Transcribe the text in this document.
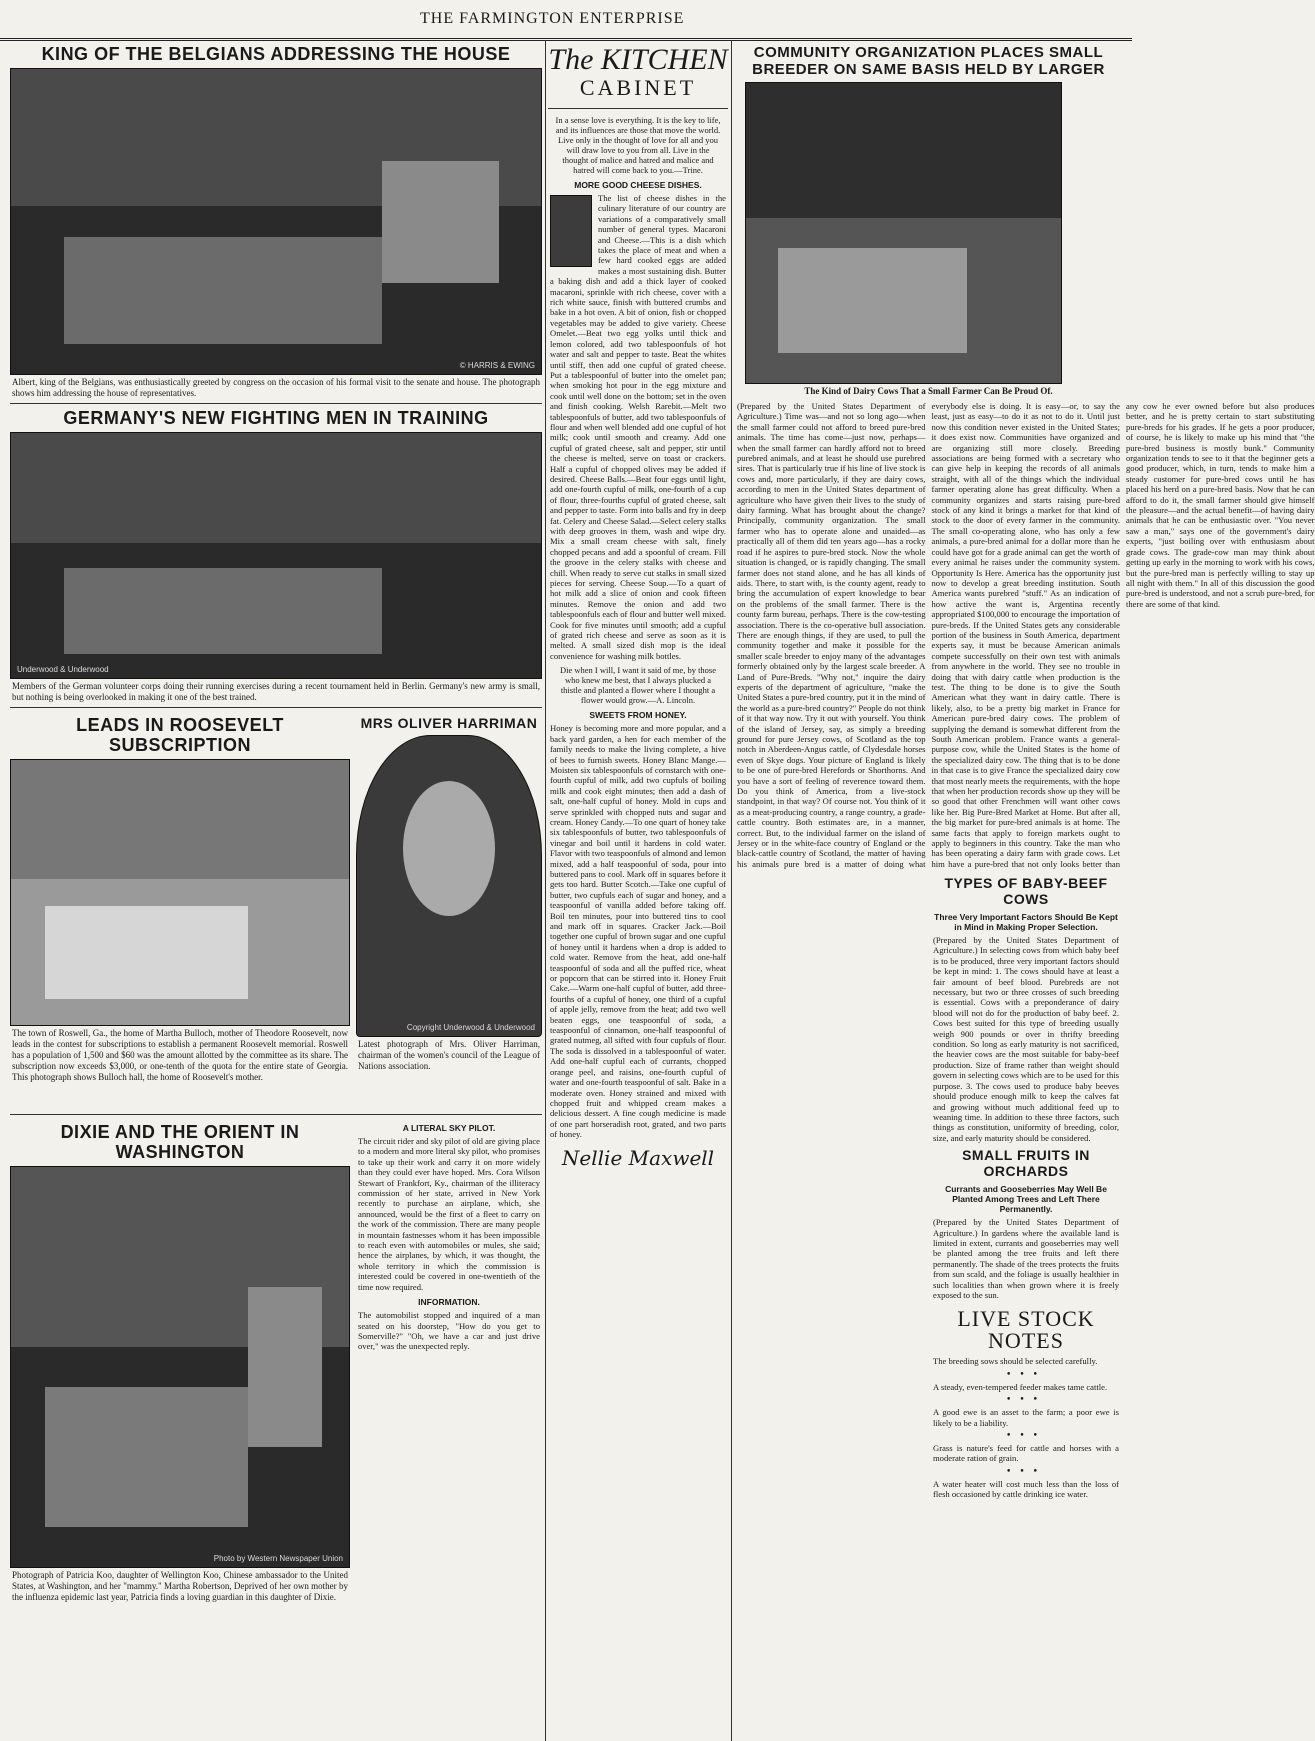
THE FARMINGTON ENTERPRISE
KING OF THE BELGIANS ADDRESSING THE HOUSE
© HARRIS & EWING
Albert, king of the Belgians, was enthusiastically greeted by congress on the occasion of his formal visit to the senate and house. The photograph shows him addressing the house of representatives.
GERMANY'S NEW FIGHTING MEN IN TRAINING
Underwood & Underwood
Members of the German volunteer corps doing their running exercises during a recent tournament held in Berlin. Germany's new army is small, but nothing is being overlooked in making it one of the best trained.
LEADS IN ROOSEVELT SUBSCRIPTION
The town of Roswell, Ga., the home of Martha Bulloch, mother of Theodore Roosevelt, now leads in the contest for subscriptions to establish a permanent Roosevelt memorial. Roswell has a population of 1,500 and $60 was the amount allotted by the committee as its share. The subscription now exceeds $3,000, or one-tenth of the quota for the entire state of Georgia. This photograph shows Bulloch hall, the home of Roosevelt's mother.
MRS OLIVER HARRIMAN
Copyright Underwood & Underwood
Latest photograph of Mrs. Oliver Harriman, chairman of the women's council of the League of Nations association.
DIXIE AND THE ORIENT IN WASHINGTON
Photo by Western Newspaper Union
Photograph of Patricia Koo, daughter of Wellington Koo, Chinese ambassador to the United States, at Washington, and her "mammy." Martha Robertson, Deprived of her own mother by the influenza epidemic last year, Patricia finds a loving guardian in this daughter of Dixie.
A LITERAL SKY PILOT.
The circuit rider and sky pilot of old are giving place to a modern and more literal sky pilot, who promises to take up their work and carry it on more widely than they could ever have hoped. Mrs. Cora Wilson Stewart of Frankfort, Ky., chairman of the illiteracy commission of her state, arrived in New York recently to purchase an airplane, which, she announced, would be the first of a fleet to carry on the work of the commission. There are many people in mountain fastnesses whom it has been impossible to reach even with automobiles or mules, she said; hence the airplanes, by which, it was thought, the whole territory in which the commission is interested could be covered in one-twentieth of the time now required.
INFORMATION.
The automobilist stopped and inquired of a man seated on his doorstep, "How do you get to Somerville?" "Oh, we have a car and just drive over," was the unexpected reply.
The KITCHEN
CABINET
In a sense love is everything. It is the key to life, and its influences are those that move the world. Live only in the thought of love for all and you will draw love to you from all. Live in the thought of malice and hatred and malice and hatred will come back to you.—Trine.
MORE GOOD CHEESE DISHES.
The list of cheese dishes in the culinary literature of our country are variations of a comparatively small number of general types. Macaroni and Cheese.—This is a dish which takes the place of meat and when a few hard cooked eggs are added makes a most sustaining dish. Butter a baking dish and add a thick layer of cooked macaroni, sprinkle with rich cheese, cover with a rich white sauce, finish with buttered crumbs and bake in a hot oven. A bit of onion, fish or chopped vegetables may be added to give variety. Cheese Omelet.—Beat two egg yolks until thick and lemon colored, add two tablespoonfuls of hot water and salt and pepper to taste. Beat the whites until stiff, then add one cupful of grated cheese. Put a tablespoonful of butter into the omelet pan; when smoking hot pour in the egg mixture and cook until well done on the bottom; set in the oven and finish cooking. Welsh Rarebit.—Melt two tablespoonfuls of butter, add two tablespoonfuls of flour and when well blended add one cupful of hot milk; cook until smooth and creamy. Add one cupful of grated cheese, salt and pepper, stir until the cheese is melted, serve on toast or crackers. Half a cupful of chopped olives may be added if desired. Cheese Balls.—Beat four eggs until light, add one-fourth cupful of milk, one-fourth of a cup of flour, three-fourths cupful of grated cheese, salt and pepper to taste. Form into balls and fry in deep fat. Celery and Cheese Salad.—Select celery stalks with deep grooves in them, wash and wipe dry. Mix a small cream cheese with salt, finely chopped pecans and add a spoonful of cream. Fill the groove in the celery stalks with cheese and chill. When ready to serve cut stalks in small sized pieces for serving. Cheese Soup.—To a quart of hot milk add a slice of onion and cook fifteen minutes. Remove the onion and add two tablespoonfuls each of flour and butter well mixed. Cook for five minutes until smooth; add a cupful of grated rich cheese and serve as soon as it is melted. A small sized dish mop is the ideal convenience for washing milk bottles.
Die when I will, I want it said of me, by those who knew me best, that I always plucked a thistle and planted a flower where I thought a flower would grow.—A. Lincoln.
SWEETS FROM HONEY.
Honey is becoming more and more popular, and a back yard garden, a hen for each member of the family needs to make the living complete, a hive of bees to furnish sweets. Honey Blanc Mange.—Moisten six tablespoonfuls of cornstarch with one-fourth cupful of milk, add two cupfuls of boiling milk and cook eight minutes; then add a dash of salt, one-half cupful of honey. Mold in cups and serve sprinkled with chopped nuts and sugar and cream. Honey Candy.—To one quart of honey take six tablespoonfuls of butter, two tablespoonfuls of vinegar and boil until it hardens in cold water. Flavor with two teaspoonfuls of almond and lemon mixed, add a half teaspoonful of soda, pour into buttered pans to cool. Mark off in squares before it gets too hard. Butter Scotch.—Take one cupful of butter, two cupfuls each of sugar and honey, and a teaspoonful of vanilla added before taking off. Boil ten minutes, pour into buttered tins to cool and mark off in squares. Cracker Jack.—Boil together one cupful of brown sugar and one cupful of honey until it hardens when a drop is added to cold water. Remove from the heat, add one-half teaspoonful of soda and all the puffed rice, wheat or popcorn that can be stirred into it. Honey Fruit Cake.—Warm one-half cupful of butter, add three-fourths of a cupful of honey, one third of a cupful of apple jelly, remove from the heat; add two well beaten eggs, one teaspoonful of soda, a teaspoonful of cinnamon, one-half teaspoonful of grated nutmeg, all sifted with four cupfuls of flour. The soda is dissolved in a tablespoonful of water. Add one-half cupful each of currants, chopped orange peel, and raisins, one-fourth cupful of water and one-fourth teaspoonful of salt. Bake in a moderate oven. Honey strained and mixed with chopped fruit and whipped cream makes a delicious dessert. A fine cough medicine is made of one part horseradish root, grated, and two parts of honey.
Nellie Maxwell
COMMUNITY ORGANIZATION PLACES SMALL BREEDER ON SAME BASIS HELD BY LARGER
The Kind of Dairy Cows That a Small Farmer Can Be Proud Of.
(Prepared by the United States Department of Agriculture.) Time was—and not so long ago—when the small farmer could not afford to breed pure-bred animals. The time has come—just now, perhaps—when the small farmer can hardly afford not to breed purebred animals, and at least he should use purebred sires. That is particularly true if his line of live stock is cows and, more particularly, if they are dairy cows, according to men in the United States department of agriculture who have given their lives to the study of dairy farming. What has brought about the change? Principally, community organization. The small farmer who has to operate alone and unaided—as practically all of them did ten years ago—has a rocky road if he aspires to pure-bred stock. Now the whole situation is changed, or is rapidly changing. The small farmer does not stand alone, and he has all kinds of aids. There, to start with, is the county agent, ready to bring the accumulation of expert knowledge to bear on the problems of the small farmer. There is the county farm bureau, perhaps. There is the cow-testing association. There is the co-operative bull association. There are enough things, if they are used, to pull the community together and make it possible for the smaller scale breeder to enjoy many of the advantages formerly obtained only by the largest scale breeder. A Land of Pure-Breds. "Why not," inquire the dairy experts of the department of agriculture, "make the United States a pure-bred country, put it in the mind of the world as a pure-bred country?" People do not think of it that way now. Try it out with yourself. You think of the island of Jersey, say, as simply a breeding ground for pure Jersey cows, of Scotland as the top notch in Aberdeen-Angus cattle, of Clydesdale horses even of Skye dogs. Your picture of England is likely to be one of pure-bred Herefords or Shorthorns. And you have a sort of feeling of reverence toward them. Do you think of America, from a live-stock standpoint, in that way? Of course not. You think of it as a meat-producing country, a range country, a grade-cattle country. Both estimates are, in a manner, correct. But, to the individual farmer on the island of Jersey or in the white-face country of England or the black-cattle country of Scotland, the matter of having his animals pure bred is a matter of doing what everybody else is doing. It is easy—or, to say the least, just as easy—to do it as not to do it. Until just now this condition never existed in the United States; it does exist now. Communities have organized and are organizing still more closely. Breeding associations are being formed with a secretary who can give help in keeping the records of all animals straight, with all of the things which the individual farmer operating alone has great difficulty. When a community organizes and starts raising pure-bred stock of any kind it brings a market for that kind of stock to the door of every farmer in the community. The small co-operating alone, who has only a few animals, a pure-bred animal for a dollar more than he could have got for a grade animal can get the worth of every animal he raises under the community system. Opportunity Is Here. America has the opportunity just now to develop a great breeding institution. South America wants purebred "stuff." As an indication of how active the want is, Argentina recently appropriated $100,000 to encourage the importation of pure-breds. If the United States gets any considerable portion of the business in South America, department experts say, it must be because American animals compete successfully on their own test with animals from anywhere in the world. They see no trouble in doing that with dairy cattle when production is the test. The thing to be done is to give the South American what they want in dairy cattle. There is likely, also, to be a pretty big market in France for American pure-bred dairy cows. The problem of supplying the demand is somewhat different from the South American problem. France wants a general-purpose cow, while the United States is the home of the specialized dairy cow. The thing that is to be done in that case is to give France the specialized dairy cow that most nearly meets the requirements, with the hope that when her production records show up they will be so good that other Frenchmen will want other cows like her. Big Pure-Bred Market at Home. But after all, the big market for pure-bred animals is at home. The same facts that apply to foreign markets ought to apply to beginners in this country. Take the man who has been operating a dairy farm with grade cows. Let him have a pure-bred that not only looks better than any cow he ever owned before but also produces better, and he is pretty certain to start substituting pure-breds for his grades. If he gets a poor producer, of course, he is likely to make up his mind that "the pure-bred business is mostly bunk." Community organization tends to see to it that the beginner gets a good producer, which, in turn, tends to make him a steady customer for pure-bred cows until he has placed his herd on a pure-bred basis. Now that he can afford to do it, the small farmer should give himself the pleasure—and the actual benefit—of having dairy animals that he can be enthusiastic over. "You never saw a man," says one of the government's dairy experts, "just boiling over with enthusiasm about grade cows. The grade-cow man may think about getting up early in the morning to work with his cows, but the pure-bred man is perfectly willing to stay up all night with them." In all of this discussion the good pure-bred is understood, and not a scrub pure-bred, for there are some of that kind.
TYPES OF BABY-BEEF COWS
Three Very Important Factors Should Be Kept in Mind in Making Proper Selection.
(Prepared by the United States Department of Agriculture.) In selecting cows from which baby beef is to be produced, three very important factors should be kept in mind: 1. The cows should have at least a fair amount of beef blood. Purebreds are not necessary, but two or three crosses of such breeding is essential. Cows with a preponderance of dairy blood will not do for the production of baby beef. 2. Cows best suited for this type of breeding usually weigh 900 pounds or over in thrifty breeding condition. So long as early maturity is not sacrificed, the heavier cows are the most suitable for baby-beef production. Size of frame rather than weight should govern in selecting cows which are to be used for this purpose. 3. The cows used to produce baby beeves should produce enough milk to keep the calves fat and growing without much additional feed up to weaning time. In addition to these three factors, such things as constitution, uniformity of breeding, color, size, and early maturity should be considered.
SMALL FRUITS IN ORCHARDS
Currants and Gooseberries May Well Be Planted Among Trees and Left There Permanently.
(Prepared by the United States Department of Agriculture.) In gardens where the available land is limited in extent, currants and gooseberries may well be planted among the tree fruits and left there permanently. The shade of the trees protects the fruits from sun scald, and the foliage is usually healthier in such localities than when grown where it is freely exposed to the sun.
LIVE STOCK NOTES
The breeding sows should be selected carefully.
•••
A steady, even-tempered feeder makes tame cattle.
•••
A good ewe is an asset to the farm; a poor ewe is likely to be a liability.
•••
Grass is nature's feed for cattle and horses with a moderate ration of grain.
•••
A water heater will cost much less than the loss of flesh occasioned by cattle drinking ice water.
